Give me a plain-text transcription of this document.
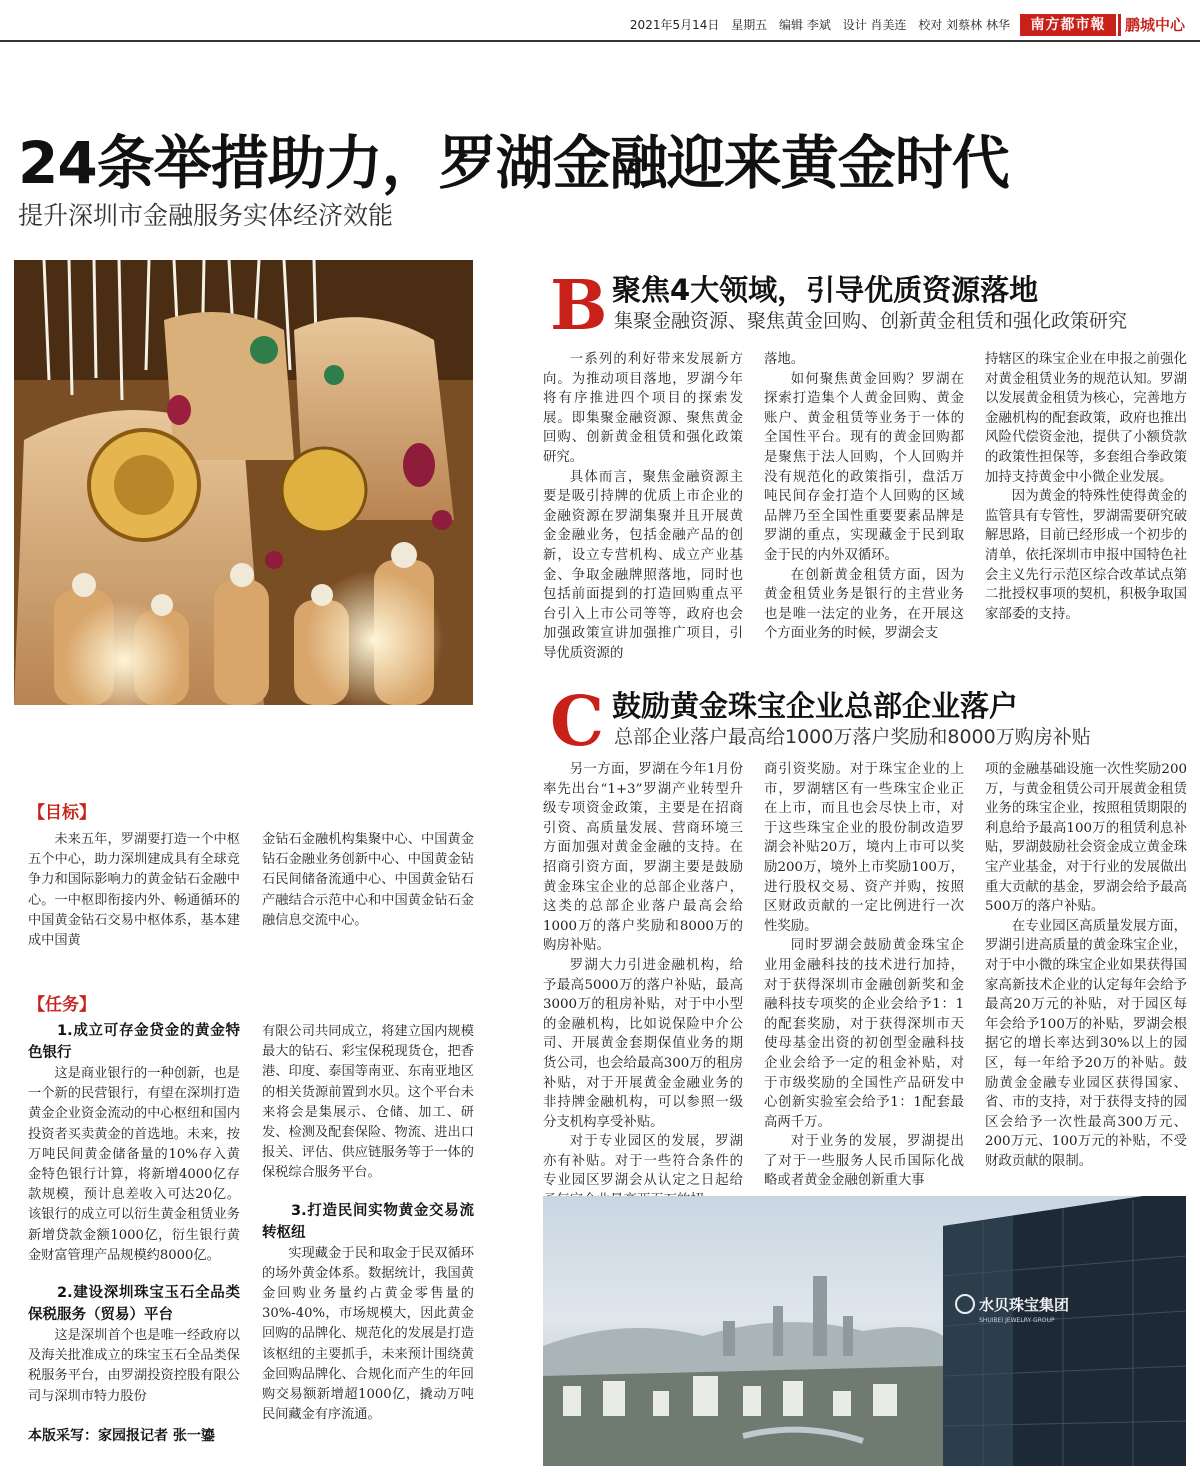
2021年5月14日 星期五 编辑 李斌 设计 肖美连 校对 刘蔡林 林华	南方都市報	鹏城中心
24条举措助力，罗湖金融迎来黄金时代
提升深圳市金融服务实体经济效能
B 聚焦4大领域，引导优质资源落地
集聚金融资源、聚焦黄金回购、创新黄金租赁和强化政策研究

一系列的利好带来发展新方向。为推动项目落地，罗湖今年将有序推进四个项目的探索发展。即集聚金融资源、聚焦黄金回购、创新黄金租赁和强化政策研究。

具体而言，聚焦金融资源主要是吸引持牌的优质上市企业的金融资源在罗湖集聚并且开展黄金金融业务，包括金融产品的创新，设立专营机构、成立产业基金、争取金融牌照落地，同时也包括前面提到的打造回购重点平台引入上市公司等等，政府也会加强政策宣讲加强推广项目，引导优质资源的

落地。

如何聚焦黄金回购？罗湖在探索打造集个人黄金回购、黄金账户、黄金租赁等业务于一体的全国性平台。现有的黄金回购都是聚焦于法人回购，个人回购并没有规范化的政策指引，盘活万吨民间存金打造个人回购的区域品牌乃至全国性重要要素品牌是罗湖的重点，实现藏金于民到取金于民的内外双循环。

在创新黄金租赁方面，因为黄金租赁业务是银行的主营业务也是唯一法定的业务，在开展这个方面业务的时候，罗湖会支

持辖区的珠宝企业在申报之前强化对黄金租赁业务的规范认知。罗湖以发展黄金租赁为核心，完善地方金融机构的配套政策，政府也推出风险代偿资金池，提供了小额贷款的政策性担保等，多套组合拳政策加持支持黄金中小微企业发展。

因为黄金的特殊性使得黄金的监管具有专管性，罗湖需要研究破解思路，目前已经形成一个初步的清单，依托深圳市申报中国特色社会主义先行示范区综合改革试点第二批授权事项的契机，积极争取国家部委的支持。

C 鼓励黄金珠宝企业总部企业落户
总部企业落户最高给1000万落户奖励和8000万购房补贴

另一方面，罗湖在今年1月份率先出台“1+3”罗湖产业转型升级专项资金政策，主要是在招商引资、高质量发展、营商环境三方面加强对黄金金融的支持。在招商引资方面，罗湖主要是鼓励黄金珠宝企业的总部企业落户，这类的总部企业落户最高会给1000万的落户奖励和8000万的购房补贴。

罗湖大力引进金融机构，给予最高5000万的落户补贴，最高3000万的租房补贴，对于中小型的金融机构，比如说保险中介公司、开展黄金套期保值业务的期货公司，也会给最高300万的租房补贴，对于开展黄金金融业务的非持牌金融机构，可以参照一级分支机构享受补贴。

对于专业园区的发展，罗湖亦有补贴。对于一些符合条件的专业园区罗湖会从认定之日起给

商引资奖励。对于珠宝企业的上市，罗湖辖区有一些珠宝企业正在上市，而且也会尽快上市，对于这些珠宝企业的股份制改造罗湖会补贴20万，境内上市可以奖励200万，境外上市奖励100万，进行股权交易、资产并购，按照区财政贡献的一定比例进行一次性奖励。

同时罗湖会鼓励黄金珠宝企业用金融科技的技术进行加持，对于获得深圳市金融创新奖和金融科技专项奖的企业会给予1：1的配套奖励，对于获得深圳市天使母基金出资的初创型金融科技企业会给予一定的租金补贴，对于市级奖励的全国性产品研发中心创新实验室会给予1：1配套最高两千万。

对于业务的发展，罗湖提出了对于一些服务人民币国际化战略或者黄金金融创新重大事

项的金融基础设施一次性奖励200万，与黄金租赁公司开展黄金租赁业务的珠宝企业，按照租赁期限的利息给予最高100万的租赁利息补贴，罗湖鼓励社会资金成立黄金珠宝产业基金，对于行业的发展做出重大贡献的基金，罗湖会给予最高500万的落户补贴。

在专业园区高质量发展方面，罗湖引进高质量的黄金珠宝企业，对于中小微的珠宝企业如果获得国家高新技术企业的认定每年会给予最高20万元的补贴，对于园区每年会给予100万的补贴，罗湖会根据它的增长率达到30%以上的园区，每一年给予20万的补贴。鼓励黄金金融专业园区获得国家、省、市的支持，对于获得支持的园区会给予一次性最高300万元、200万元、100万元的补贴，不受财政贡献的限制。

【目标】

未来五年，罗湖要打造一个中枢五个中心，助力深圳建成具有全球竞争力和国际影响力的黄金钻石金融中心。一中枢即衔接内外、畅通循环的中国黄金钻石交易中枢体系，基本建成中国黄

金钻石金融机构集聚中心、中国黄金钻石金融业务创新中心、中国黄金钻石民间储备流通中心、中国黄金钻石产融结合示范中心和中国黄金钻石金融信息交流中心。

【任务】

1.成立可存金贷金的黄金特色银行

这是商业银行的一种创新，也是一个新的民营银行，有望在深圳打造黄金企业资金流动的中心枢纽和国内投资者买卖黄金的首选地。未来，按万吨民间黄金储备量的10%存入黄金特色银行计算，将新增4000亿存款规模，预计息差收入可达20亿。该银行的成立可以衍生黄金租赁业务新增贷款金额1000亿，衍生银行黄金财富管理产品规模约8000亿。

2.建设深圳珠宝玉石全品类保税服务（贸易）平台

这是深圳首个也是唯一经政府以及海关批准成立的珠宝玉石全品类保税服务平台，由罗湖投资控股有限公司与深圳市特力股份

有限公司共同成立，将建立国内规模最大的钻石、彩宝保税现货仓，把香港、印度、泰国等南亚、东南亚地区的相关货源前置到水贝。这个平台未来将会是集展示、仓储、加工、研发、检测及配套保险、物流、进出口报关、评估、供应链服务等于一体的保税综合服务平台。

3.打造民间实物黄金交易流转枢纽

实现藏金于民和取金于民双循环的场外黄金体系。数据统计，我国黄金回购业务量约占黄金零售量的30%-40%，市场规模大，因此黄金回购的品牌化、规范化的发展是打造该枢纽的主要抓手，未来预计围绕黄金回购品牌化、合规化而产生的年回购交易额新增超1000亿，撬动万吨民间藏金有序流通。

本版采写：家园报记者 张一鎏
水贝珠宝集团
SHUIBEI JEWELRY GROUP
